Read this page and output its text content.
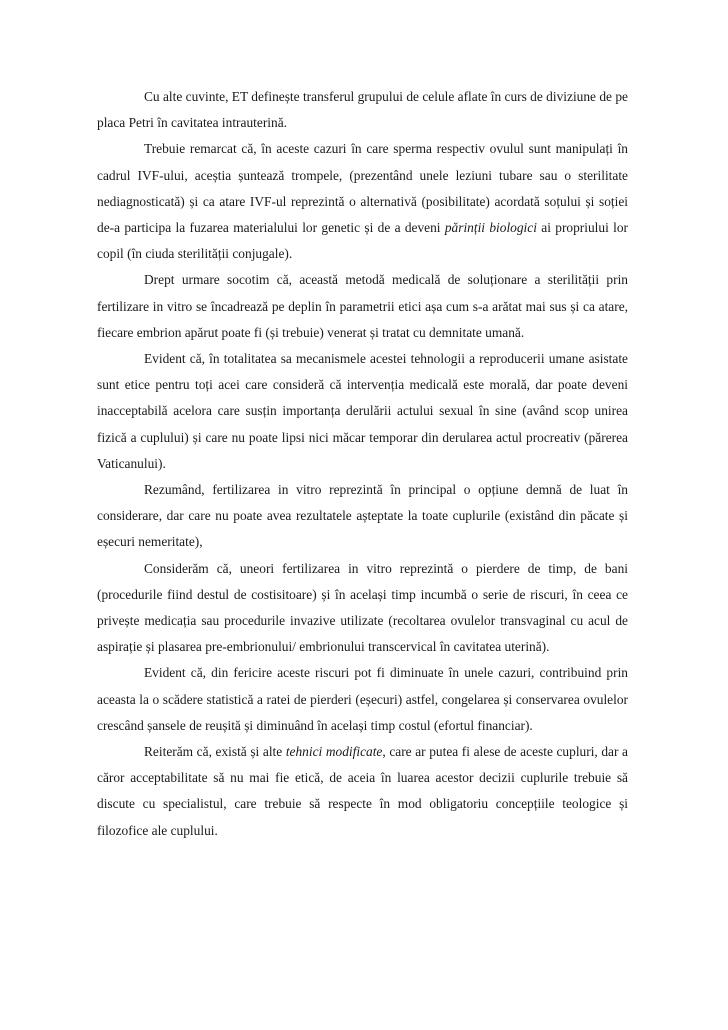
Cu alte cuvinte, ET definește transferul grupului de celule aflate în curs de diviziune de pe placa Petri în cavitatea intrauterină.

Trebuie remarcat că, în aceste cazuri în care sperma respectiv ovulul sunt manipulați în cadrul IVF-ului, aceștia șuntează trompele, (prezentând unele leziuni tubare sau o sterilitate nediagnosticată) și ca atare IVF-ul reprezintă o alternativă (posibilitate) acordată soțului și soției de-a participa la fuzarea materialului lor genetic și de a deveni părinții biologici ai propriului lor copil (în ciuda sterilității conjugale).

Drept urmare socotim că, această metodă medicală de soluționare a sterilității prin fertilizare in vitro se încadrează pe deplin în parametrii etici așa cum s-a arătat mai sus și ca atare, fiecare embrion apărut poate fi (și trebuie) venerat și tratat cu demnitate umană.

Evident că, în totalitatea sa mecanismele acestei tehnologii a reproducerii umane asistate sunt etice pentru toți acei care consideră că intervenția medicală este morală, dar poate deveni inacceptabilă acelora care susțin importanța derulării actului sexual în sine (având scop unirea fizică a cuplului) și care nu poate lipsi nici măcar temporar din derularea actul procreativ (părerea Vaticanului).

Rezumând, fertilizarea in vitro reprezintă în principal o opțiune demnă de luat în considerare, dar care nu poate avea rezultatele așteptate la toate cuplurile (existând din păcate și eșecuri nemeritate),

Considerăm că, uneori fertilizarea in vitro reprezintă o pierdere de timp, de bani (procedurile fiind destul de costisitoare) și în același timp incumbă o serie de riscuri, în ceea ce privește medicația sau procedurile invazive utilizate (recoltarea ovulelor transvaginal cu acul de aspirație și plasarea pre-embrionului/ embrionului transcervical în cavitatea uterină).

Evident că, din fericire aceste riscuri pot fi diminuate în unele cazuri, contribuind prin aceasta la o scădere statistică a ratei de pierderi (eșecuri) astfel, congelarea și conservarea ovulelor crescând șansele de reușită și diminuând în același timp costul (efortul financiar).

Reiterăm că, există și alte tehnici modificate, care ar putea fi alese de aceste cupluri, dar a căror acceptabilitate să nu mai fie etică, de aceia în luarea acestor decizii cuplurile trebuie să discute cu specialistul, care trebuie să respecte în mod obligatoriu concepțiile teologice și filozofice ale cuplului.
